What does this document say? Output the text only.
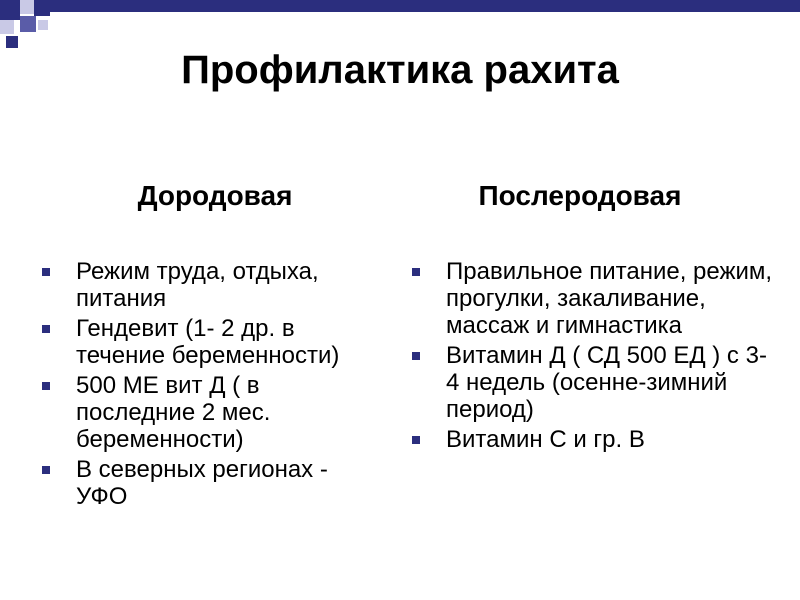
Профилактика рахита
Дородовая
Режим труда, отдыха, питания
Гендевит (1- 2 др. в течение беременности)
500 МЕ вит Д ( в последние 2 мес. беременности)
В северных регионах - УФО
Послеродовая
Правильное питание, режим, прогулки, закаливание, массаж и гимнастика
Витамин Д ( СД 500 ЕД ) с 3-4 недель (осенне-зимний период)
Витамин С и гр. В
